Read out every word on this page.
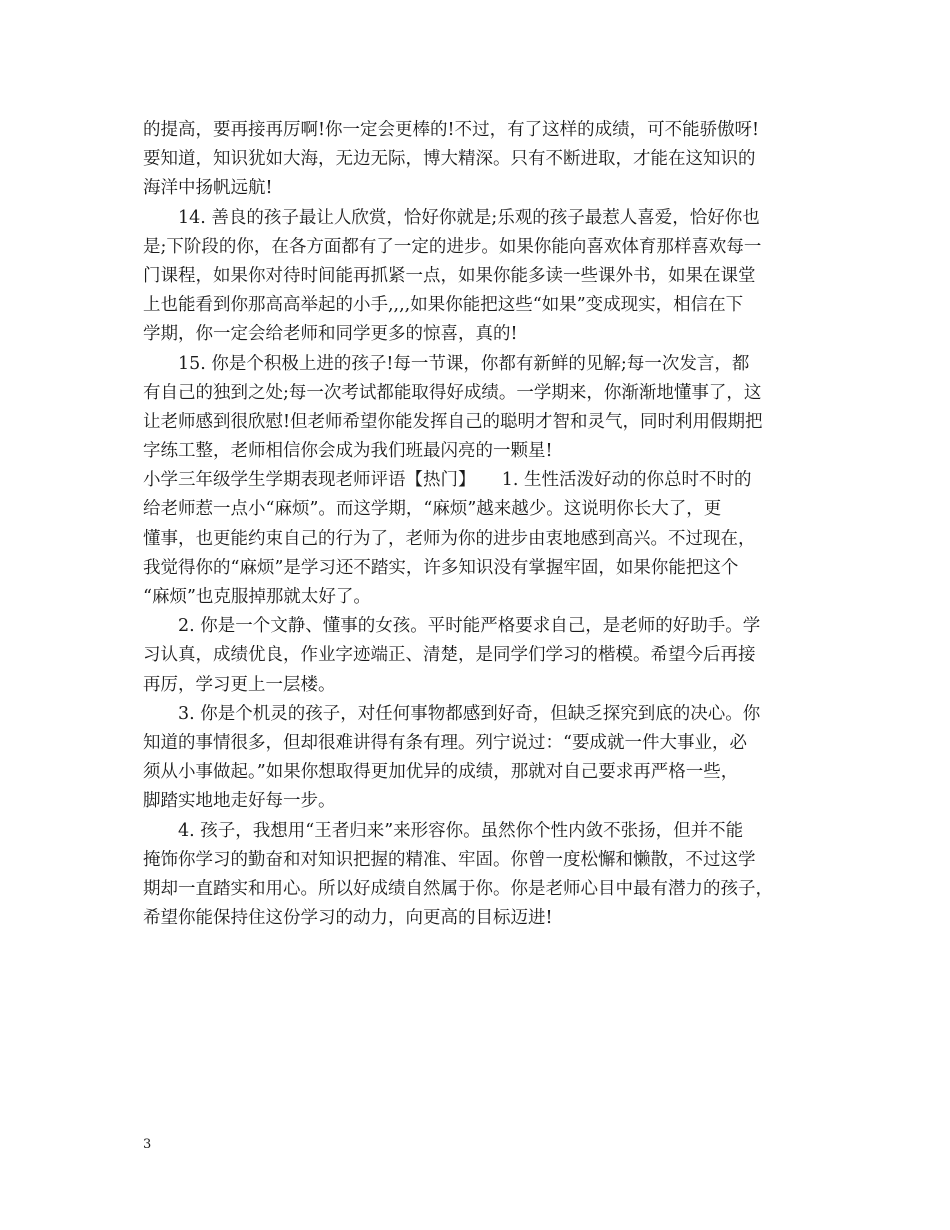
的提高，要再接再厉啊!你一定会更棒的!不过，有了这样的成绩，可不能骄傲呀!
要知道，知识犹如大海，无边无际，博大精深。只有不断进取，才能在这知识的
海洋中扬帆远航!
14. 善良的孩子最让人欣赏，恰好你就是;乐观的孩子最惹人喜爱，恰好你也
是;下阶段的你，在各方面都有了一定的进步。如果你能向喜欢体育那样喜欢每一
门课程，如果你对待时间能再抓紧一点，如果你能多读一些课外书，如果在课堂
上也能看到你那高高举起的小手,,,,如果你能把这些“如果”变成现实，相信在下
学期，你一定会给老师和同学更多的惊喜，真的!
15. 你是个积极上进的孩子!每一节课，你都有新鲜的见解;每一次发言，都
有自己的独到之处;每一次考试都能取得好成绩。一学期来，你渐渐地懂事了，这
让老师感到很欣慰!但老师希望你能发挥自己的聪明才智和灵气，同时利用假期把
字练工整，老师相信你会成为我们班最闪亮的一颗星!
小学三年级学生学期表现老师评语【热门】　　1. 生性活泼好动的你总时不时的
给老师惹一点小“麻烦”。而这学期，“麻烦”越来越少。这说明你长大了，更
懂事，也更能约束自己的行为了，老师为你的进步由衷地感到高兴。不过现在，
我觉得你的“麻烦”是学习还不踏实，许多知识没有掌握牢固，如果你能把这个
“麻烦”也克服掉那就太好了。
2. 你是一个文静、懂事的女孩。平时能严格要求自己，是老师的好助手。学
习认真，成绩优良，作业字迹端正、清楚，是同学们学习的楷模。希望今后再接
再厉，学习更上一层楼。
3. 你是个机灵的孩子，对任何事物都感到好奇，但缺乏探究到底的决心。你
知道的事情很多，但却很难讲得有条有理。列宁说过：“要成就一件大事业，必
须从小事做起。”如果你想取得更加优异的成绩，那就对自己要求再严格一些，
脚踏实地地走好每一步。
4. 孩子，我想用“王者归来”来形容你。虽然你个性内敛不张扬，但并不能
掩饰你学习的勤奋和对知识把握的精准、牢固。你曾一度松懈和懒散，不过这学
期却一直踏实和用心。所以好成绩自然属于你。你是老师心目中最有潜力的孩子，
希望你能保持住这份学习的动力，向更高的目标迈进!
3
